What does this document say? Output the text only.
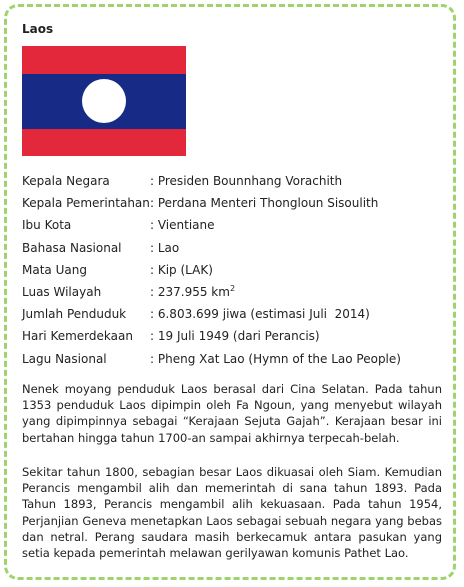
Laos
Kepala Negara	: Presiden Bounnhang Vorachith
Kepala Pemerintahan : Perdana Menteri Thongloun Sisoulith
Ibu Kota	: Vientiane
Bahasa Nasional	: Lao
Mata Uang	: Kip (LAK)
Luas Wilayah	: 237.955 $km^2$
Jumlah Penduduk	: 6.803.699 jiwa (estimasi Juli  2014)
Hari Kemerdekaan	: 19 Juli 1949 (dari Perancis)
Lagu Nasional	: Pheng Xat Lao (Hymn of the Lao People)

Nenek moyang penduduk Laos berasal dari Cina Selatan. Pada tahun 1353 penduduk Laos dipimpin oleh Fa Ngoun, yang menyebut wilayah yang dipimpinnya sebagai “Kerajaan Sejuta Gajah”. Kerajaan besar ini bertahan hingga tahun 1700-an sampai akhirnya terpecah-belah.

Sekitar tahun 1800, sebagian besar Laos dikuasai oleh Siam. Kemudian Perancis mengambil alih dan memerintah di sana tahun 1893. Pada Tahun 1893, Perancis mengambil alih kekuasaan. Pada tahun 1954, Perjanjian Geneva menetapkan Laos sebagai sebuah negara yang bebas dan netral. Perang saudara masih berkecamuk antara pasukan yang setia kepada pemerintah melawan gerilyawan komunis Pathet Lao.
